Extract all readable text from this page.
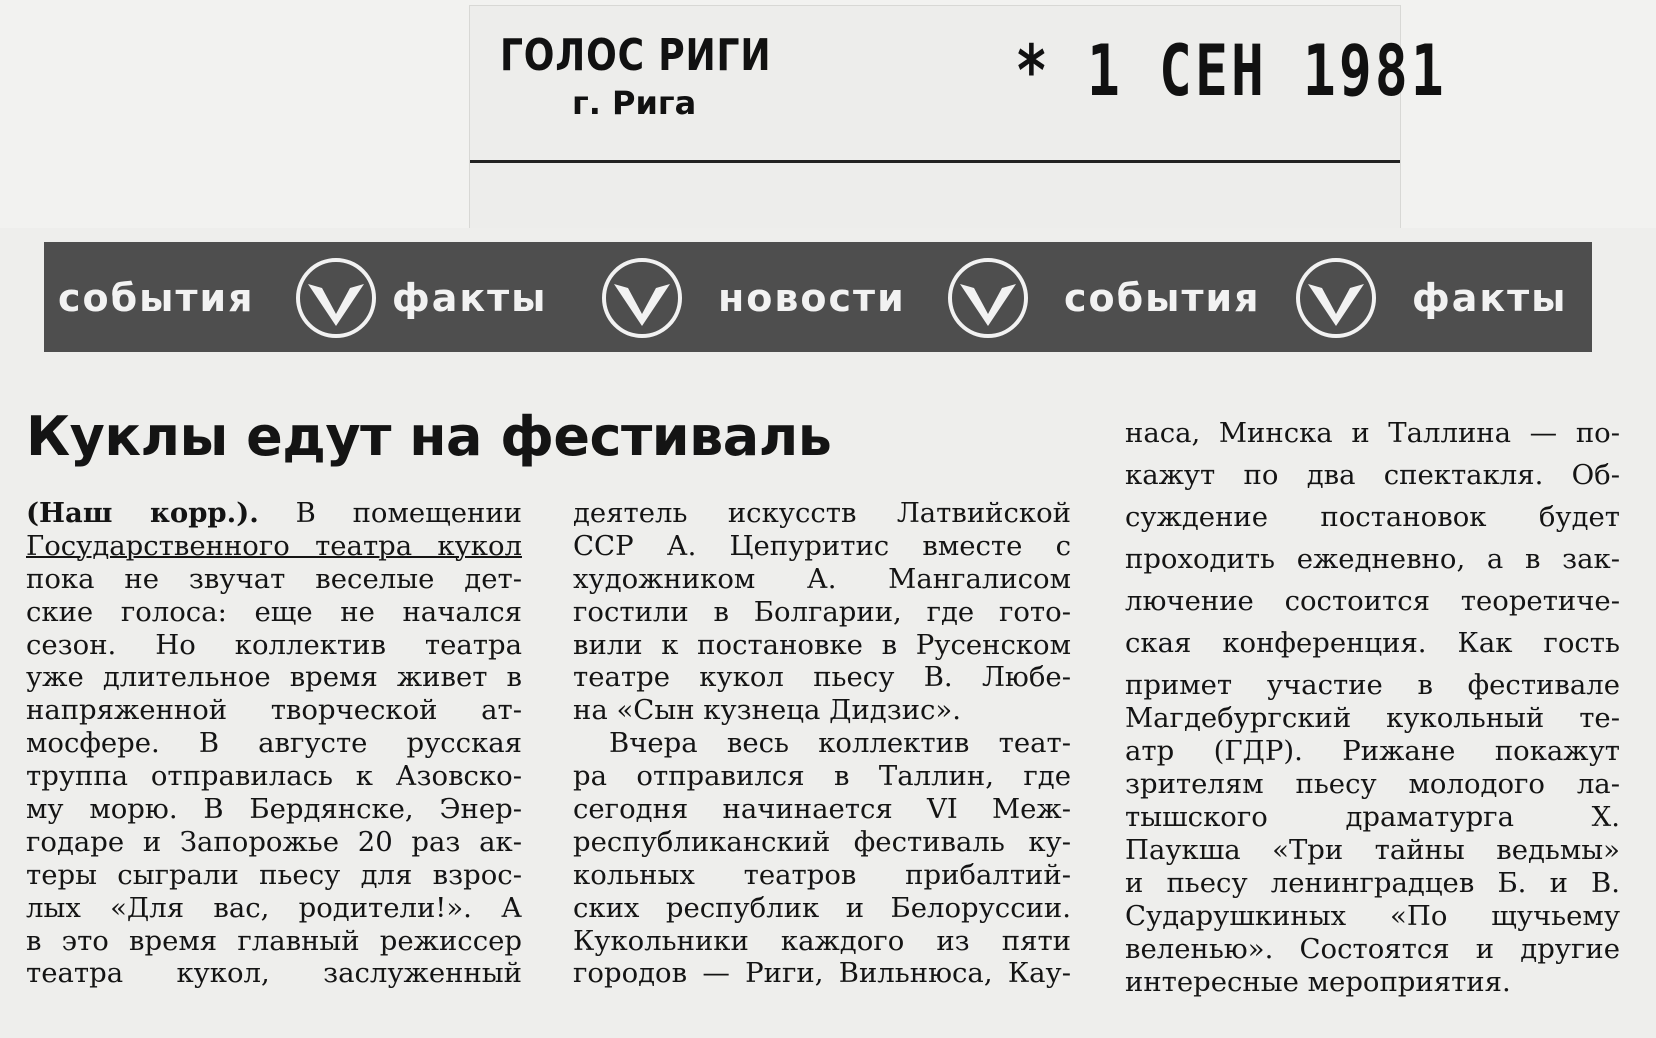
ГОЛОС РИГИ
г. Рига	* 1 СЕН 1981
события	факты	новости	события	факты
Куклы едут на фестиваль
(Наш корр.). В помещении
Государственного театра кукол
пока не звучат веселые дет-
ские голоса: еще не начался
сезон. Но коллектив театра
уже длительное время живет в
напряженной творческой ат-
мосфере. В августе русская
труппа отправилась к Азовско-
му морю. В Бердянске, Энер-
годаре и Запорожье 20 раз ак-
теры сыграли пьесу для взрос-
лых «Для вас, родители!». А
в это время главный режиссер
театра кукол, заслуженный
деятель искусств Латвийской
ССР А. Цепуритис вместе с
художником А. Мангалисом
гостили в Болгарии, где гото-
вили к постановке в Русенском
театре кукол пьесу В. Любе-
на «Сын кузнеца Дидзис».
Вчера весь коллектив теат-
ра отправился в Таллин, где
сегодня начинается VI Меж-
республиканский фестиваль ку-
кольных театров прибалтий-
ских республик и Белоруссии.
Кукольники каждого из пяти
городов — Риги, Вильнюса, Кау-
наса, Минска и Таллина — по-
кажут по два спектакля. Об-
суждение постановок будет
проходить ежедневно, а в зак-
лючение состоится теоретиче-
ская конференция. Как гость
примет участие в фестивале
Магдебургский кукольный те-
атр (ГДР). Рижане покажут
зрителям пьесу молодого ла-
тышского драматурга Х.
Паукша «Три тайны ведьмы»
и пьесу ленинградцев Б. и В.
Сударушкиных «По щучьему
веленью». Состоятся и другие
интересные мероприятия.
